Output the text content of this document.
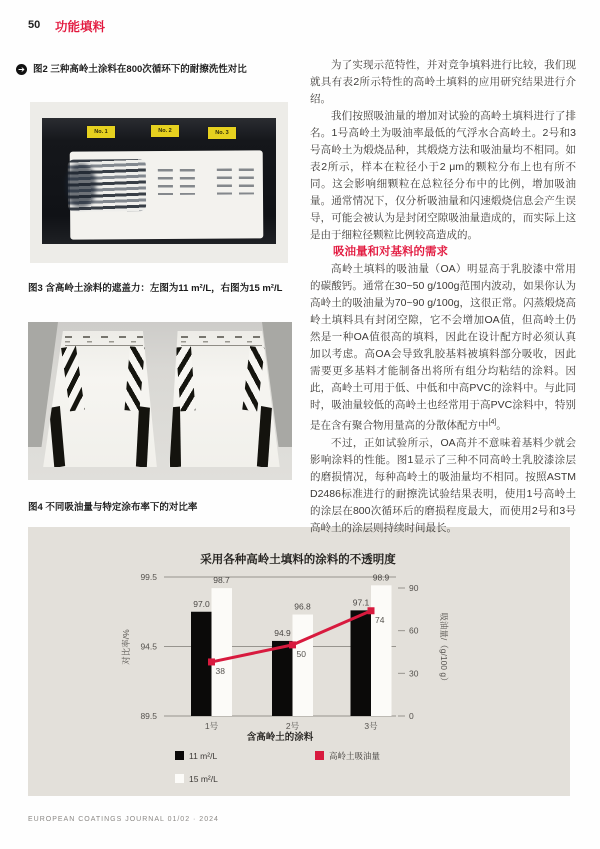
50 功能填料
➔ 图2 三种高岭土涂料在800次循环下的耐擦洗性对比
No. 1	No. 2	No. 3
图3 含高岭土涂料的遮盖力：左图为11 m²/L，右图为15 m²/L
图4 不同吸油量与特定涂布率下的对比率
采用各种高岭土填料的涂料的不透明度
99.5
94.5
89.5
90
60
30
0
对比率/%	吸油量/（g/100 g）
97.0
94.9
97.1
98.7
96.8
98.9
38
50
74
1号	2号	3号
含高岭土的涂料
11 m²/L
15 m²/L
高岭土吸油量

为了实现示范特性，并对竞争填料进行比较，我们现就具有表2所示特性的高岭土填料的应用研究结果进行介绍。

我们按照吸油量的增加对试验的高岭土填料进行了排名。1号高岭土为吸油率最低的气浮水合高岭土。2号和3号高岭土为煅烧品种，其煅烧方法和吸油量均不相同。如表2所示，样本在粒径小于2 μm的颗粒分布上也有所不同。这会影响细颗粒在总粒径分布中的比例，增加吸油量。通常情况下，仅分析吸油量和闪速煅烧信息会产生误导，可能会被认为是封闭空隙吸油量造成的，而实际上这是由于细粒径颗粒比例较高造成的。

吸油量和对基料的需求

高岭土填料的吸油量（OA）明显高于乳胶漆中常用的碳酸钙。通常在30~50 g/100g范围内波动，如果你认为高岭土的吸油量为70~90 g/100g，这很正常。闪蒸煅烧高岭土填料具有封闭空隙，它不会增加OA值，但高岭土仍然是一种OA值很高的填料，因此在设计配方时必须认真加以考虑。高OA会导致乳胶基料被填料部分吸收，因此需要更多基料才能制备出将所有组分均粘结的涂料。因此，高岭土可用于低、中低和中高PVC的涂料中。与此同时，吸油量较低的高岭土也经常用于高PVC涂料中，特别是在含有聚合物用量高的分散体配方中[4]。

不过，正如试验所示，OA高并不意味着基料少就会影响涂料的性能。图1显示了三种不同高岭土乳胶漆涂层的磨损情况，每种高岭土的吸油量均不相同。按照ASTM D2486标准进行的耐擦洗试验结果表明，使用1号高岭土的涂层在800次循环后的磨损程度最大，而使用2号和3号高岭土的涂层则持续时间最长。

EUROPEAN COATINGS JOURNAL 01/02 · 2024
